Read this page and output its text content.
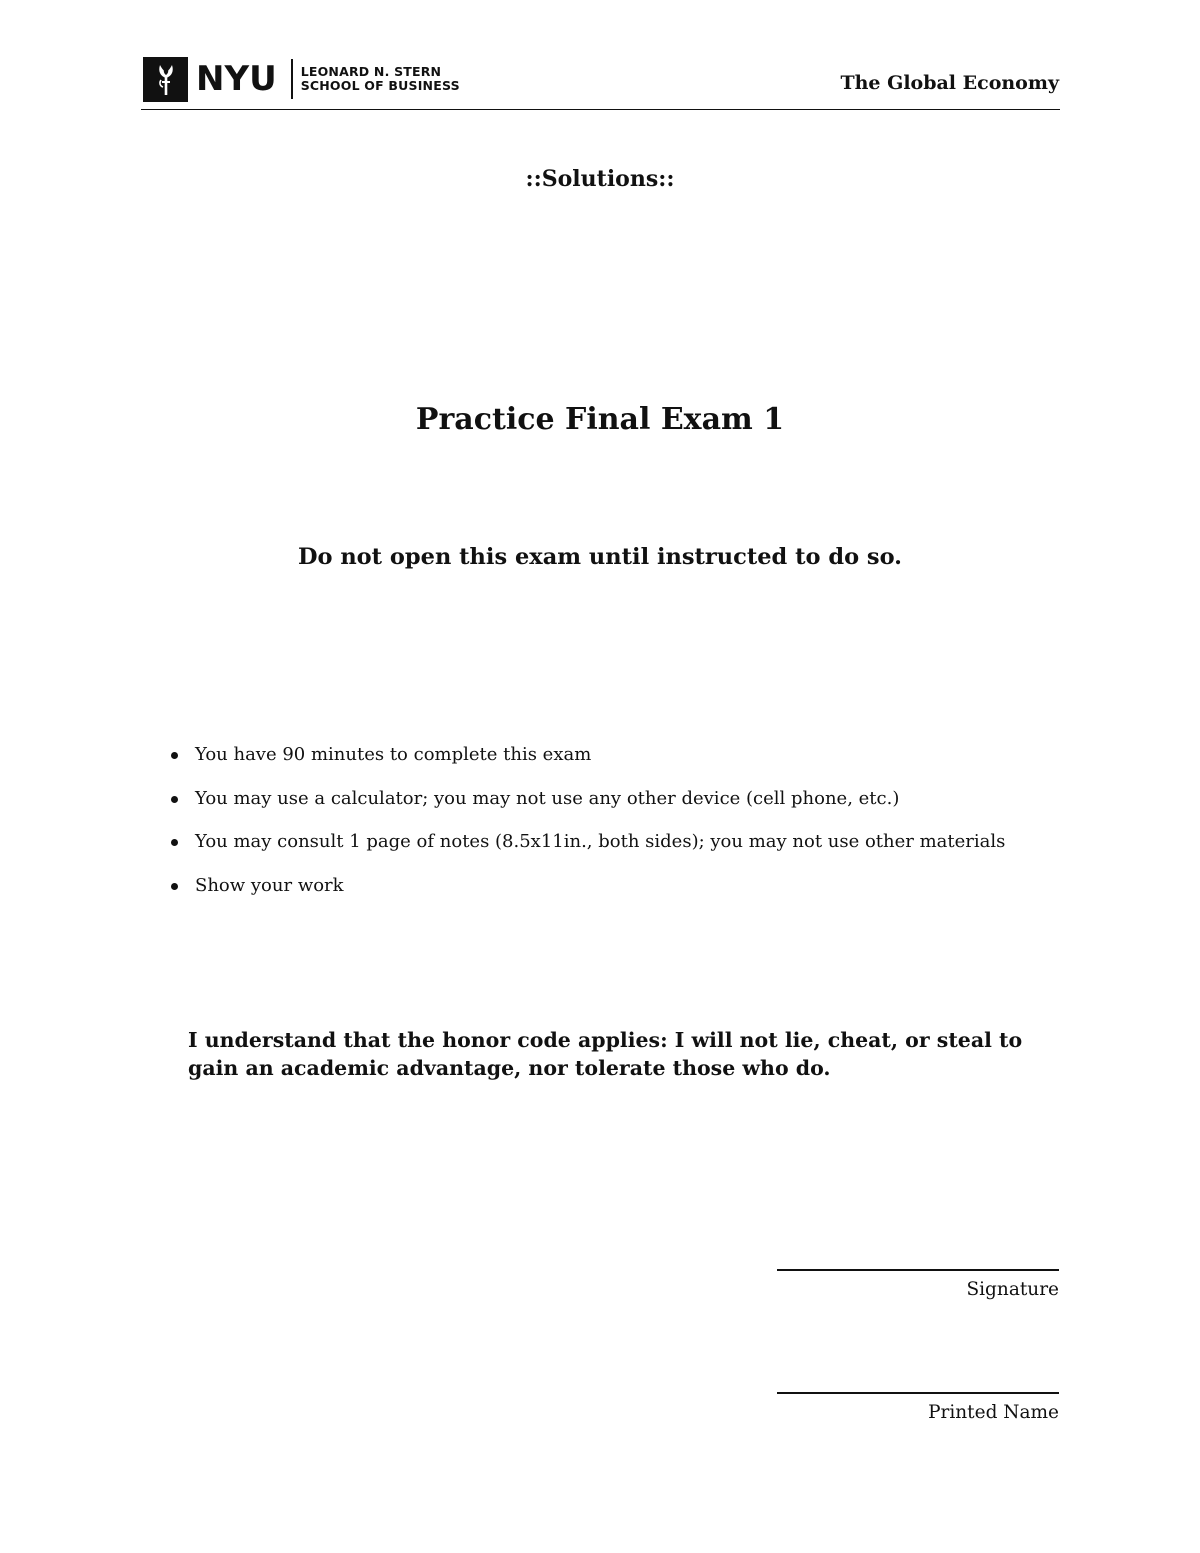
NYU LEONARD N. STERN
SCHOOL OF BUSINESS	The Global Economy
::Solutions::
Practice Final Exam 1
Do not open this exam until instructed to do so.
You have 90 minutes to complete this exam
You may use a calculator; you may not use any other device (cell phone, etc.)
You may consult 1 page of notes (8.5x11in., both sides); you may not use other materials
Show your work
I understand that the honor code applies: I will not lie, cheat, or steal to gain an academic advantage, nor tolerate those who do.
Signature
Printed Name
